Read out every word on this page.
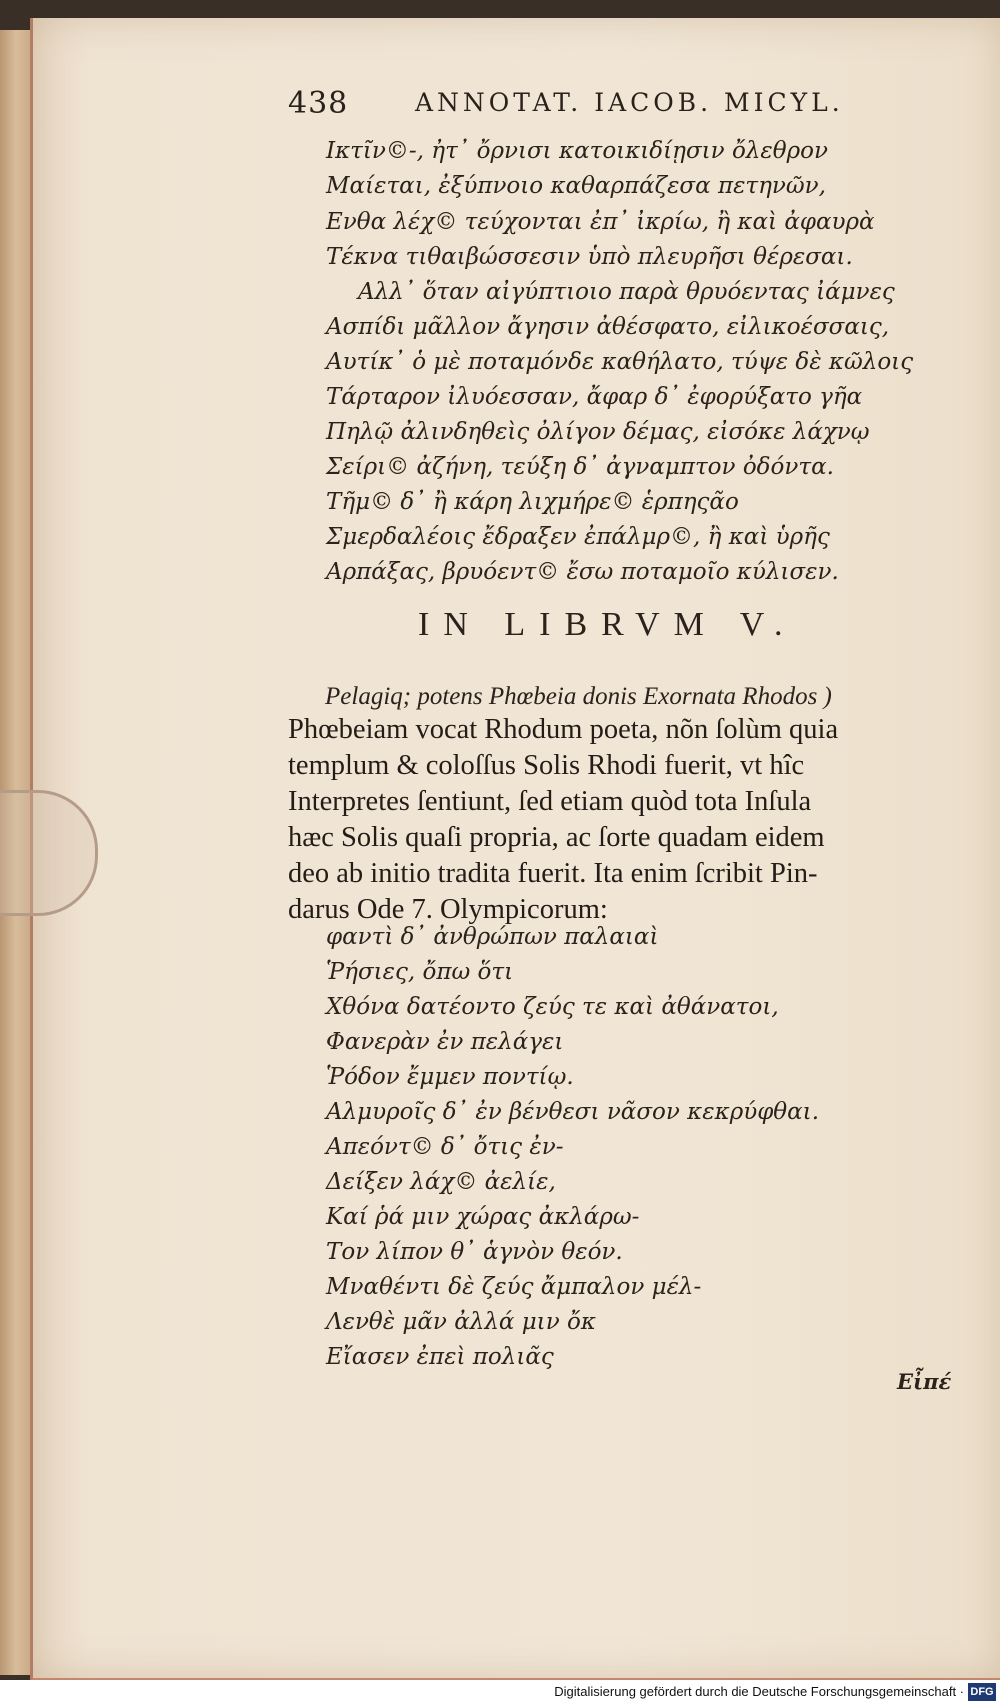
438	ANNOTAT. IACOB. MICYL.
Ικτῖν©-, ἠτ᾽ ὄρνισι κατοικιδίῃσιν ὄλεθρον
Μαίεται, ἐξύπνοιο καθαρπάζεσα πετηνῶν,
Ενθα λέχ© τεύχονται ἐπ᾽ ἰκρίω, ἢ καὶ ἀφαυρὰ
Τέκνα τιθαιβώσσεσιν ὑπὸ πλευρῆσι θέρεσαι.
Αλλ᾽ ὅταν αἰγύπτιοιο παρὰ θρυόεντας ἰάμνες
Ασπίδι μᾶλλον ἄγησιν ἀθέσφατο, εἰλικοέσσαις,
Αυτίκ᾽ ὁ μὲ ποταμόνδε καθήλατο, τύψε δὲ κῶλοις
Τάρταρον ἰλυόεσσαν, ἄφαρ δ᾽ ἐφορύξατο γῆα
Πηλῷ ἀλινδηθεὶς ὀλίγον δέμας, εἰσόκε λάχνῳ
Σείρι© ἀζήνη, τεύξη δ᾽ ἀγναμπτον ὀδόντα.
Τῆμ© δ᾽ ἢ κάρη λιχμήρε© ἑρπηςᾶο
Σμερδαλέοις ἔδραξεν ἐπάλμρ©, ἢ καὶ ὑρῆς
Αρπάξας, βρυόεντ© ἔσω ποταμοῖο κύλισεν.
IN LIBRVM V.
Pelagiq; potens Phœbeia donis Exornata Rhodos )
Phœbeiam vocat Rhodum poeta, nõn ſolùm quia
templum & coloſſus Solis Rhodi fuerit, vt hîc
Interpretes ſentiunt, ſed etiam quòd tota Inſula
hæc Solis quaſi propria, ac ſorte quadam eidem
deo ab initio tradita fuerit. Ita enim ſcribit Pin-
darus Ode 7. Olympicorum:
φαντὶ δ᾽ ἀνθρώπων παλαιαὶ
Ῥήσιες, ὄπω ὅτι
Χθόνα δατέοντο ζεύς τε καὶ ἀθάνατοι,
Φανερὰν ἐν πελάγει
Ῥόδον ἔμμεν ποντίῳ.
Αλμυροῖς δ᾽ ἐν βένθεσι νᾶσον κεκρύφθαι.
Απεόντ© δ᾽ ὄτις ἐν-
Δείξεν λάχ© ἀελίε,
Καί ῥά μιν χώρας ἀκλάρω-
Τον λίπον θ᾽ ἁγνὸν θεόν.
Μναθέντι δὲ ζεύς ἄμπαλον μέλ-
Λενθὲ μᾶν ἀλλά μιν ὄκ
Εἴασεν ἐπεὶ πολιᾶς
Εἶπέ
Digitalisierung gefördert durch die Deutsche Forschungsgemeinschaft · DFG
